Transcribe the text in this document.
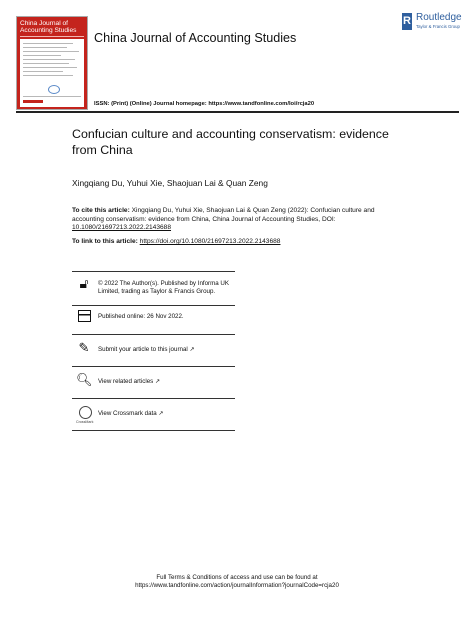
China Journal of Accounting Studies
China Journal of Accounting Studies
R Routledge
Taylor & Francis Group
ISSN: (Print) (Online) Journal homepage: https://www.tandfonline.com/loi/rcja20
Confucian culture and accounting conservatism: evidence from China
Xingqiang Du, Yuhui Xie, Shaojuan Lai & Quan Zeng
To cite this article: Xingqiang Du, Yuhui Xie, Shaojuan Lai & Quan Zeng (2022): Confucian culture and accounting conservatism: evidence from China, China Journal of Accounting Studies, DOI: 10.1080/21697213.2022.2143688
To link to this article: https://doi.org/10.1080/21697213.2022.2143688
🔓︎	© 2022 The Author(s). Published by Informa UK Limited, trading as Taylor & Francis Group.
Published online: 26 Nov 2022.
✎	Submit your article to this journal ↗
🔍︎ View related articles ↗
CrossMark
View Crossmark data ↗
Full Terms & Conditions of access and use can be found at
https://www.tandfonline.com/action/journalInformation?journalCode=rcja20
